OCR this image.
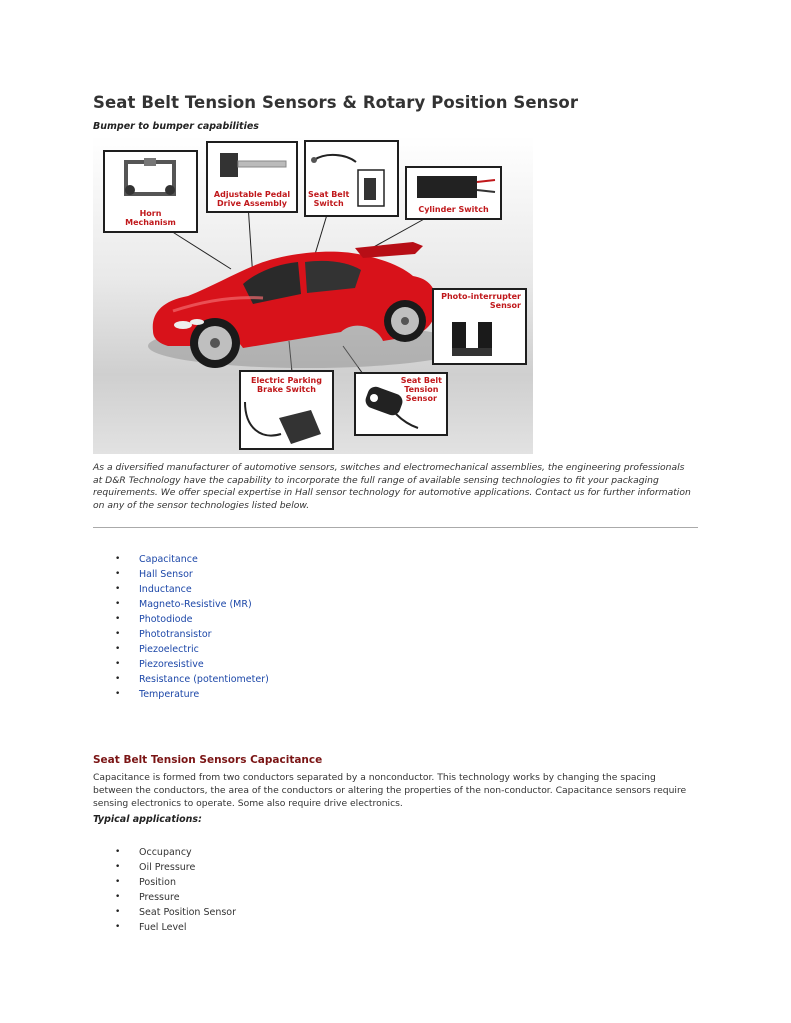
Seat Belt Tension Sensors & Rotary Position Sensor
Bumper to bumper capabilities
Horn
Mechanism
Adjustable Pedal
Drive Assembly
Seat Belt
Switch
Cylinder Switch
Photo-interrupter
Sensor
Electric Parking
Brake Switch
Seat Belt
Tension
Sensor
As a diversified manufacturer of automotive sensors, switches and electromechanical assemblies, the engineering professionals at D&R Technology have the capability to incorporate the full range of available sensing technologies to fit your packaging requirements. We offer special expertise in Hall sensor technology for automotive applications. Contact us for further information on any of the sensor technologies listed below.
• Capacitance
• Hall Sensor
• Inductance
• Magneto-Resistive (MR)
• Photodiode
• Phototransistor
• Piezoelectric
• Piezoresistive
• Resistance (potentiometer)
• Temperature
Seat Belt Tension Sensors Capacitance
Capacitance is formed from two conductors separated by a nonconductor. This technology works by changing the spacing between the conductors, the area of the conductors or altering the properties of the non-conductor. Capacitance sensors require sensing electronics to operate. Some also require drive electronics.
Typical applications:
• Occupancy
• Oil Pressure
• Position
• Pressure
• Seat Position Sensor
• Fuel Level
